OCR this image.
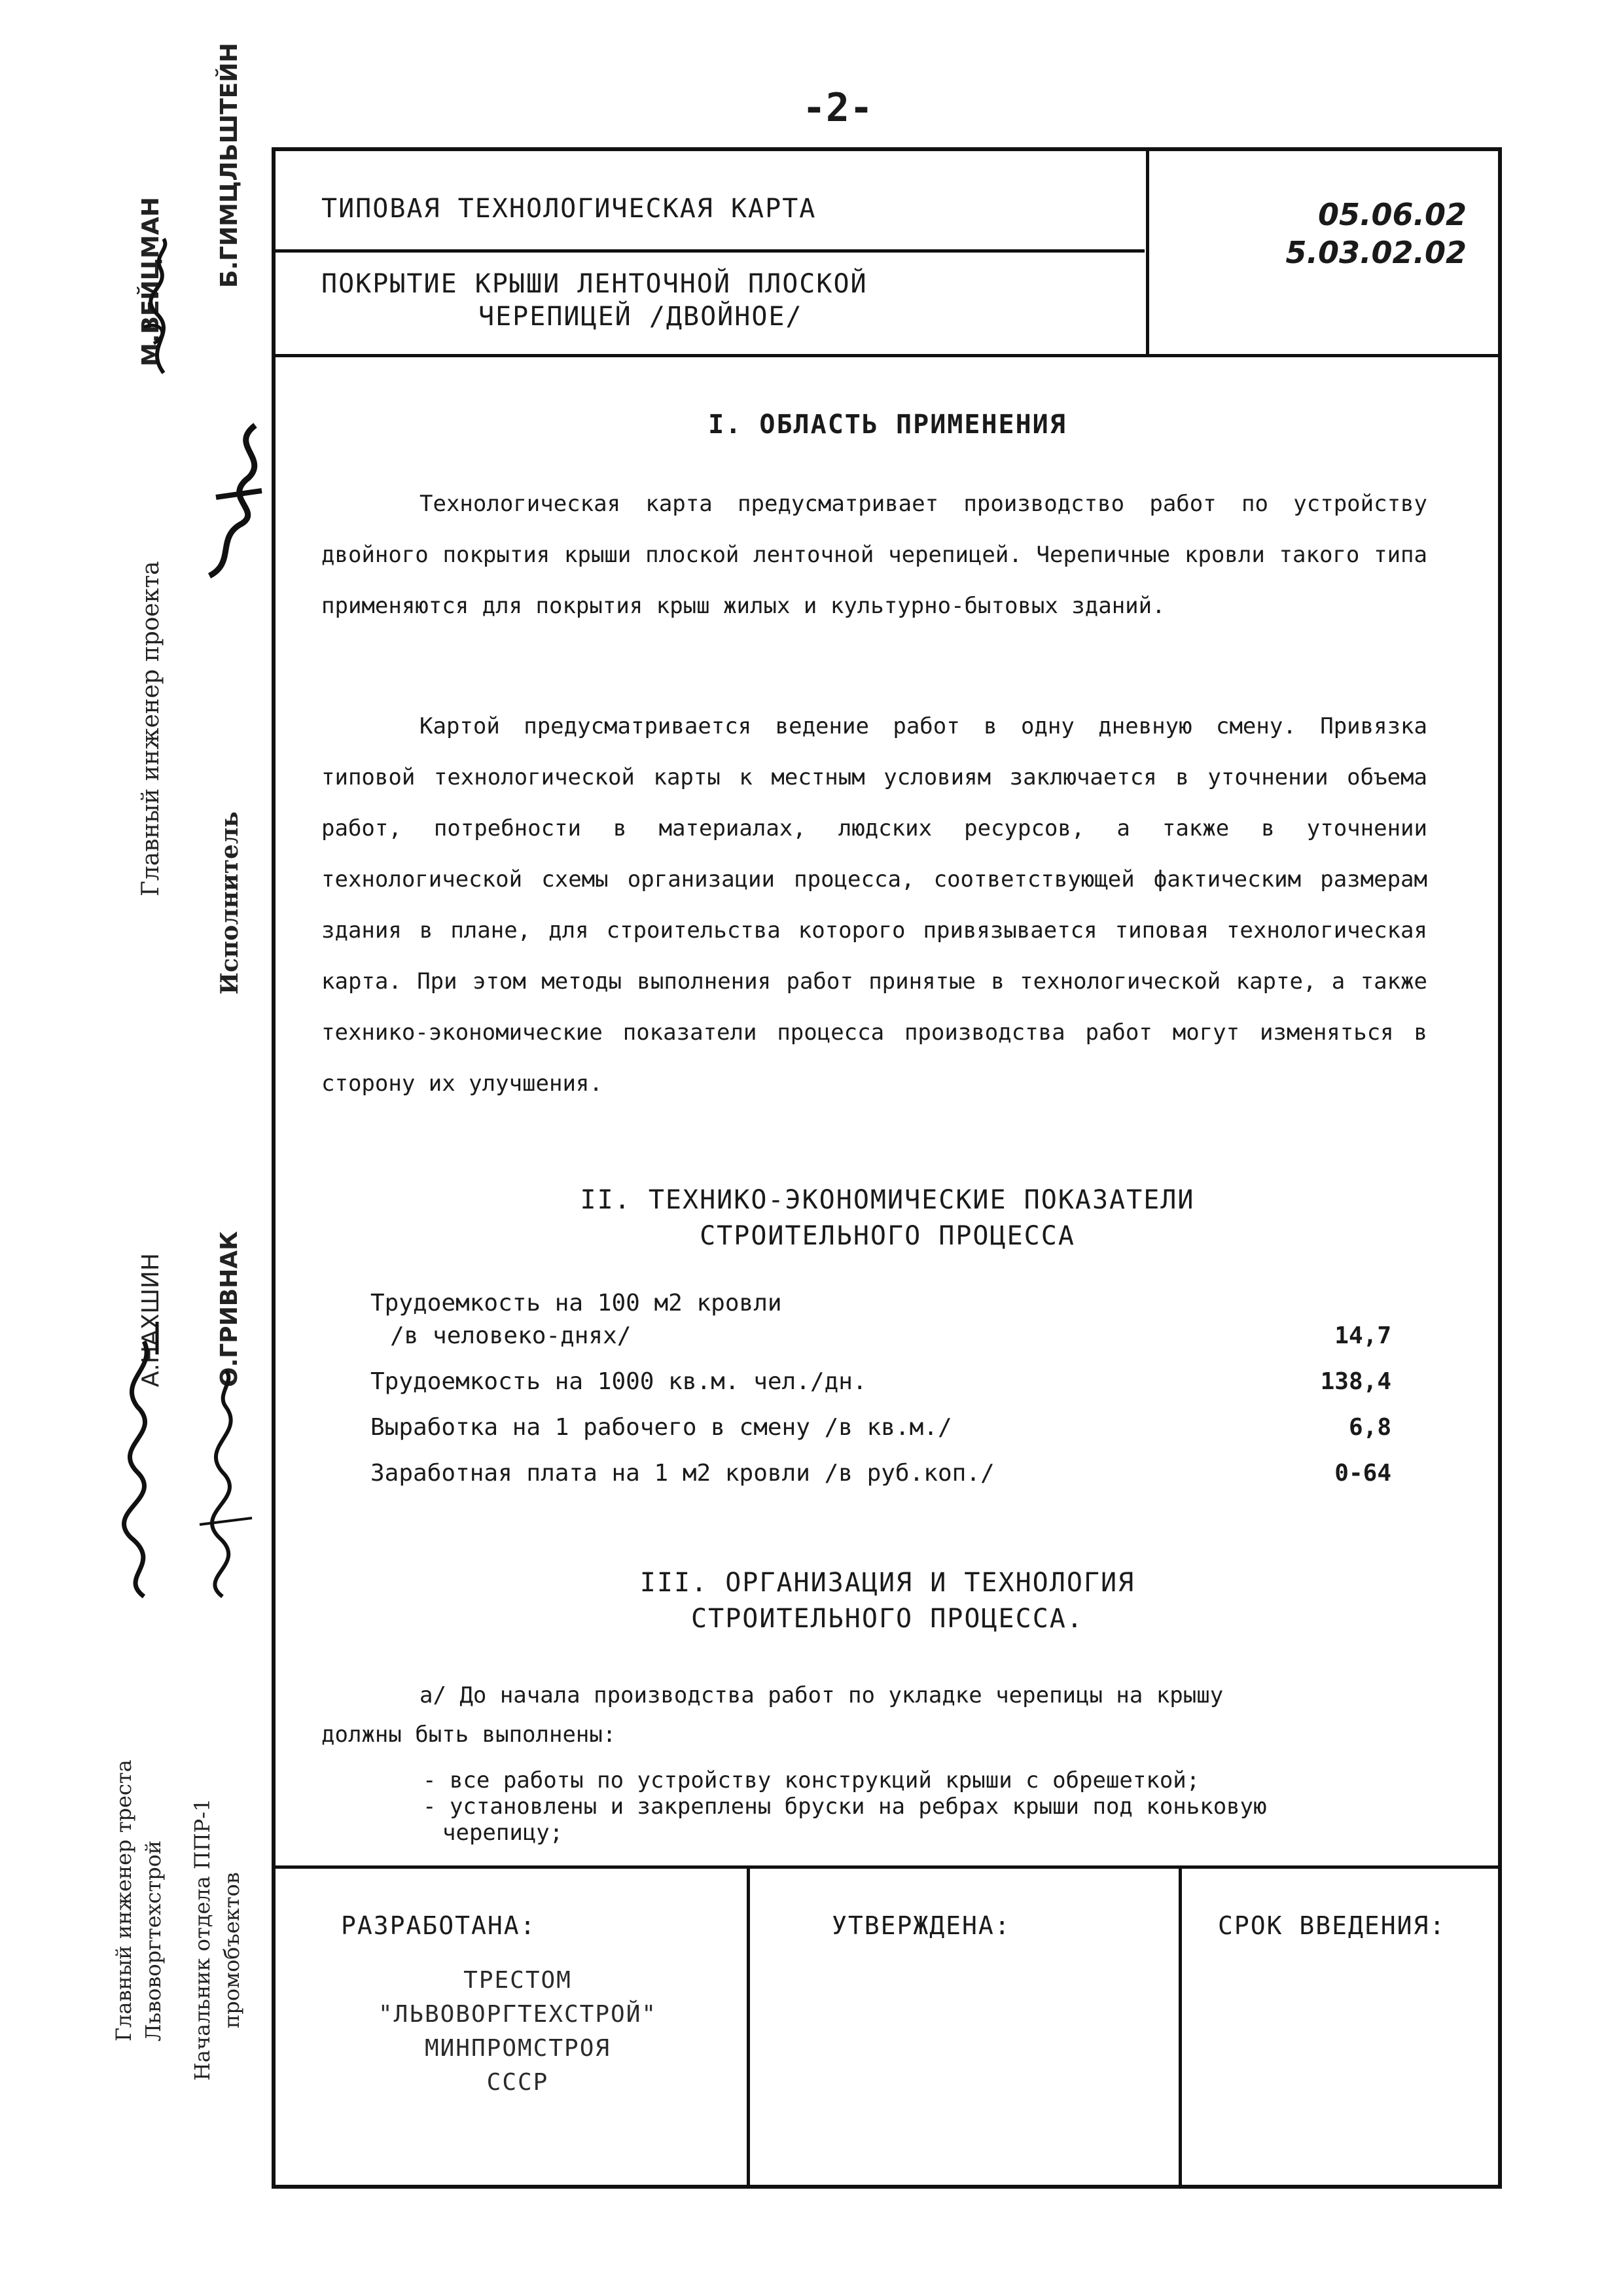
-2-
Главный инженер проекта
Исполнитель
М.ВЕЙЦМАН Б.ГИМЦЛЬШТЕЙН
А.НАХШИН О.ГРИВНАК
Главный инженер треста Львоворгтехстрой Начальник отдела ППР-1 промобъектов
ТИПОВАЯ ТЕХНОЛОГИЧЕСКАЯ КАРТА
ПОКРЫТИЕ КРЫШИ ЛЕНТОЧНОЙ ПЛОСКОЙ
ЧЕРЕПИЦЕЙ /ДВОЙНОЕ/
05.06.02
5.03.02.02
I. ОБЛАСТЬ ПРИМЕНЕНИЯ
Технологическая карта предусматривает производство работ по устройству двойного покрытия крыши плоской ленточной черепицей. Черепичные кровли такого типа применяются для покрытия крыш жилых и культурно-бытовых зданий.
Картой предусматривается ведение работ в одну дневную смену. Привязка типовой технологической карты к местным условиям заключается в уточнении объема работ, потребности в материалах, людских ресурсов, а также в уточнении технологической схемы организации процесса, соответствующей фактическим размерам здания в плане, для строительства которого привязывается типовая технологическая карта. При этом методы выполнения работ принятые в технологической карте, а также технико-экономические показатели процесса производства работ могут изменяться в сторону их улучшения.
II. ТЕХНИКО-ЭКОНОМИЧЕСКИЕ ПОКАЗАТЕЛИ
СТРОИТЕЛЬНОГО ПРОЦЕССА
Трудоемкость на 100 м2 кровли
/в человеко-днях/	14,7
Трудоемкость на 1000 кв.м. чел./дн.	138,4
Выработка на 1 рабочего в смену /в кв.м./	6,8
Заработная плата на 1 м2 кровли /в руб.коп./	0-64
III. ОРГАНИЗАЦИЯ И ТЕХНОЛОГИЯ
СТРОИТЕЛЬНОГО ПРОЦЕССА.
а/ До начала производства работ по укладке черепицы на крышу
должны быть выполнены:
- все работы по устройству конструкций крыши с обрешеткой;
- установлены и закреплены бруски на ребрах крыши под коньковую
черепицу;
РАЗРАБОТАНА:
ТРЕСТОМ
"ЛЬВОВОРГТЕХСТРОЙ"
МИНПРОМСТРОЯ
СССР
УТВЕРЖДЕНА:	СРОК ВВЕДЕНИЯ:
